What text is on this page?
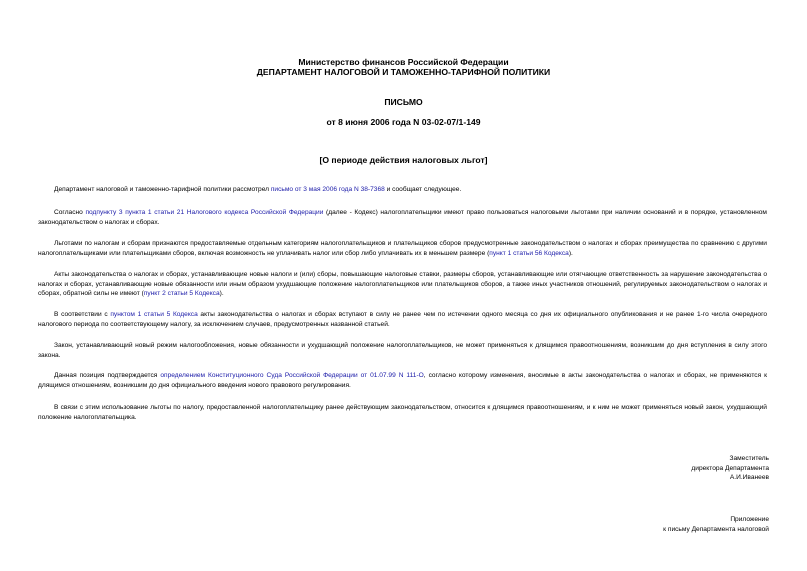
Министерство финансов Российской Федерации
ДЕПАРТАМЕНТ НАЛОГОВОЙ И ТАМОЖЕННО-ТАРИФНОЙ ПОЛИТИКИ
ПИСЬМО
от 8 июня 2006 года N 03-02-07/1-149
[О периоде действия налоговых льгот]

Департамент налоговой и таможенно-тарифной политики рассмотрел письмо от 3 мая 2006 года N 38-7368 и сообщает следующее.

Согласно подпункту 3 пункта 1 статьи 21 Налогового кодекса Российской Федерации (далее - Кодекс) налогоплательщики имеют право пользоваться налоговыми льготами при наличии оснований и в порядке, установленном законодательством о налогах и сборах.

Льготами по налогам и сборам признаются предоставляемые отдельным категориям налогоплательщиков и плательщиков сборов предусмотренные законодательством о налогах и сборах преимущества по сравнению с другими налогоплательщиками или плательщиками сборов, включая возможность не уплачивать налог или сбор либо уплачивать их в меньшем размере (пункт 1 статьи 56 Кодекса).

Акты законодательства о налогах и сборах, устанавливающие новые налоги и (или) сборы, повышающие налоговые ставки, размеры сборов, устанавливающие или отягчающие ответственность за нарушение законодательства о налогах и сборах, устанавливающие новые обязанности или иным образом ухудшающие положение налогоплательщиков или плательщиков сборов, а также иных участников отношений, регулируемых законодательством о налогах и сборах, обратной силы не имеют (пункт 2 статьи 5 Кодекса).

В соответствии с пунктом 1 статьи 5 Кодекса акты законодательства о налогах и сборах вступают в силу не ранее чем по истечении одного месяца со дня их официального опубликования и не ранее 1-го числа очередного налогового периода по соответствующему налогу, за исключением случаев, предусмотренных названной статьей.

Закон, устанавливающий новый режим налогообложения, новые обязанности и ухудшающий положение налогоплательщиков, не может применяться к длящимся правоотношениям, возникшим до дня вступления в силу этого закона.

Данная позиция подтверждается определением Конституционного Суда Российской Федерации от 01.07.99 N 111-О, согласно которому изменения, вносимые в акты законодательства о налогах и сборах, не применяются к длящимся отношениям, возникшим до дня официального введения нового правового регулирования.

В связи с этим использование льготы по налогу, предоставленной налогоплательщику ранее действующим законодательством, относится к длящимся правоотношениям, и к ним не может применяться новый закон, ухудшающий положение налогоплательщика.

Заместитель
директора Департамента
А.И.Иванеев
Приложение
к письму Департамента налоговой
